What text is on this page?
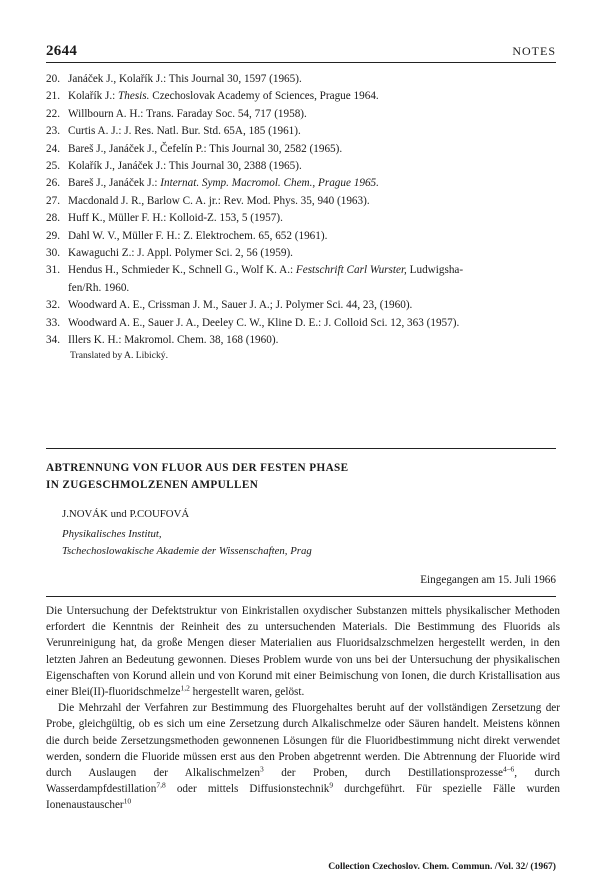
2644	NOTES
20. Janáček J., Kolařík J.: This Journal 30, 1597 (1965).
21. Kolařík J.: Thesis. Czechoslovak Academy of Sciences, Prague 1964.
22. Willbourn A. H.: Trans. Faraday Soc. 54, 717 (1958).
23. Curtis A. J.: J. Res. Natl. Bur. Std. 65A, 185 (1961).
24. Bareš J., Janáček J., Čefelín P.: This Journal 30, 2582 (1965).
25. Kolařík J., Janáček J.: This Journal 30, 2388 (1965).
26. Bareš J., Janáček J.: Internat. Symp. Macromol. Chem., Prague 1965.
27. Macdonald J. R., Barlow C. A. jr.: Rev. Mod. Phys. 35, 940 (1963).
28. Huff K., Müller F. H.: Kolloid-Z. 153, 5 (1957).
29. Dahl W. V., Müller F. H.: Z. Elektrochem. 65, 652 (1961).
30. Kawaguchi Z.: J. Appl. Polymer Sci. 2, 56 (1959).
31. Hendus H., Schmieder K., Schnell G., Wolf K. A.: Festschrift Carl Wurster, Ludwigsha-
fen/Rh. 1960.
32. Woodward A. E., Crissman J. M., Sauer J. A.; J. Polymer Sci. 44, 23, (1960).
33. Woodward A. E., Sauer J. A., Deeley C. W., Kline D. E.: J. Colloid Sci. 12, 363 (1957).
34. Illers K. H.: Makromol. Chem. 38, 168 (1960).
Translated by A. Libický.
ABTRENNUNG VON FLUOR AUS DER FESTEN PHASE
IN ZUGESCHMOLZENEN AMPULLEN
J.NOVÁK und P.COUFOVÁ
Physikalisches Institut,
Tschechoslowakische Akademie der Wissenschaften, Prag
Eingegangen am 15. Juli 1966

Die Untersuchung der Defektstruktur von Einkristallen oxydischer Substanzen mittels physikalischer Methoden erfordert die Kenntnis der Reinheit des zu untersuchenden Materials. Die Bestimmung des Fluorids als Verunreinigung hat, da große Mengen dieser Materialien aus Fluoridsalzschmelzen hergestellt werden, in den letzten Jahren an Bedeutung gewonnen. Dieses Problem wurde von uns bei der Untersuchung der physikalischen Eigenschaften von Korund allein und von Korund mit einer Beimischung von Ionen, die durch Kristallisation aus einer Blei(II)-fluoridschmelze$^{1,2}$ hergestellt waren, gelöst.

Die Mehrzahl der Verfahren zur Bestimmung des Fluorgehaltes beruht auf der vollständigen Zersetzung der Probe, gleichgültig, ob es sich um eine Zersetzung durch Alkalischmelze oder Säuren handelt. Meistens können die durch beide Zersetzungsmethoden gewonnenen Lösungen für die Fluoridbestimmung nicht direkt verwendet werden, sondern die Fluoride müssen erst aus den Proben abgetrennt werden. Die Abtrennung der Fluoride wird durch Auslaugen der Alkalischmelzen$^3$ der Proben, durch Destillationsprozesse$^{4-6}$, durch Wasserdampfdestillation$^{7,8}$ oder mittels Diffusionstechnik$^9$ durchgeführt. Für spezielle Fälle wurden Ionenaustauscher$^{10}$

Collection Czechoslov. Chem. Commun. /Vol. 32/ (1967)
